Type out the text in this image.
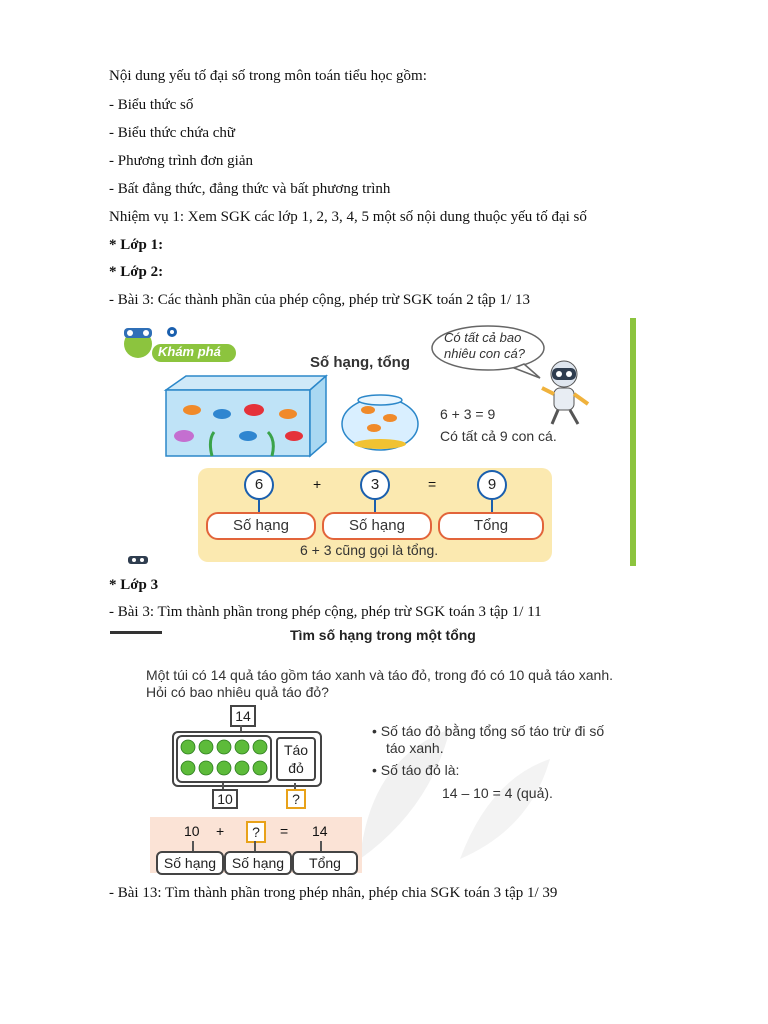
Nội dung yếu tố đại số trong môn toán tiểu học gồm:
- Biểu thức số
- Biểu thức chứa chữ
- Phương trình đơn giản
- Bất đẳng thức, đẳng thức và bất phương trình
Nhiệm vụ 1: Xem SGK các lớp 1, 2, 3, 4, 5 một số nội dung thuộc yếu tố đại số
* Lớp 1:
* Lớp 2:
- Bài 3: Các thành phần của phép cộng, phép trừ SGK toán 2 tập 1/ 13
Khám phá
Số hạng, tổng
Có tất cả bao nhiêu con cá?
6 + 3 = 9
Có tất cả 9 con cá.
6	+	3	=	9
Số hạng	Số hạng	Tổng
6 + 3 cũng gọi là tổng.
* Lớp 3
- Bài 3: Tìm thành phần trong phép cộng, phép trừ SGK toán 3 tập 1/ 11
Tìm số hạng trong một tổng
Một túi có 14 quả táo gồm táo xanh và táo đỏ, trong đó có 10 quả táo xanh.
Hỏi có bao nhiêu quả táo đỏ?
14
Táo
đỏ
10	?
• Số táo đỏ bằng tổng số táo trừ đi số
táo xanh.
• Số táo đỏ là:
14 – 10 = 4 (quả).
10 +	?	= 14
Số hạng	Số hạng	Tổng
- Bài 13: Tìm thành phần trong phép nhân, phép chia SGK toán 3 tập 1/ 39
